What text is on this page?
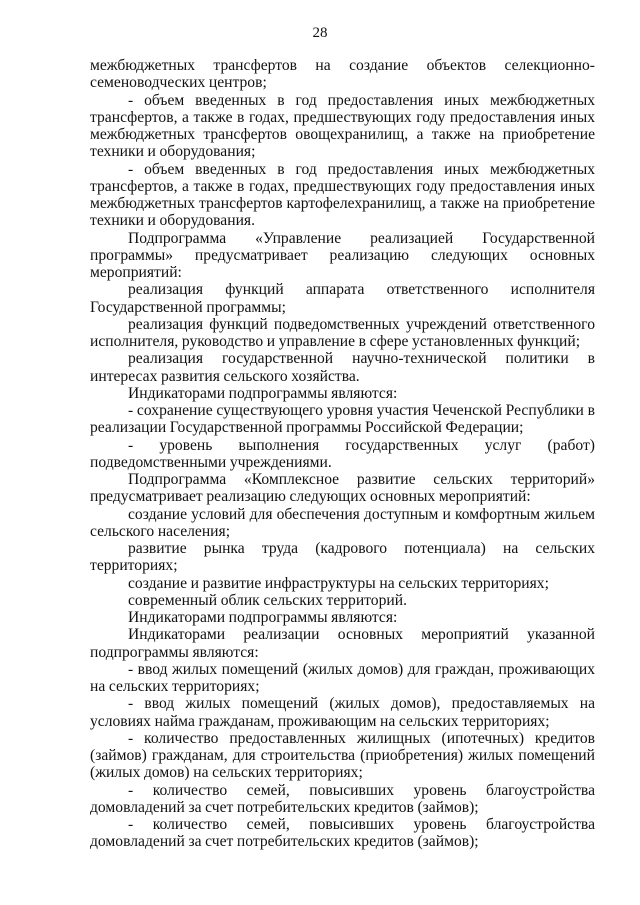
28

межбюджетных трансфертов на создание объектов селекционно-семеноводческих центров;

- объем введенных в год предоставления иных межбюджетных трансфертов, а также в годах, предшествующих году предоставления иных межбюджетных трансфертов овощехранилищ, а также на приобретение техники и оборудования;

- объем введенных в год предоставления иных межбюджетных трансфертов, а также в годах, предшествующих году предоставления иных межбюджетных трансфертов картофелехранилищ, а также на приобретение техники и оборудования.

Подпрограмма «Управление реализацией Государственной программы» предусматривает реализацию следующих основных мероприятий:

реализация функций аппарата ответственного исполнителя Государственной программы;

реализация функций подведомственных учреждений ответственного исполнителя, руководство и управление в сфере установленных функций;

реализация государственной научно-технической политики в интересах развития сельского хозяйства.

Индикаторами подпрограммы являются:

- сохранение существующего уровня участия Чеченской Республики в реализации Государственной программы Российской Федерации;

- уровень выполнения государственных услуг (работ) подведомственными учреждениями.

Подпрограмма «Комплексное развитие сельских территорий» предусматривает реализацию следующих основных мероприятий:

создание условий для обеспечения доступным и комфортным жильем сельского населения;

развитие рынка труда (кадрового потенциала) на сельских территориях;

создание и развитие инфраструктуры на сельских территориях;

современный облик сельских территорий.

Индикаторами подпрограммы являются:

Индикаторами реализации основных мероприятий указанной подпрограммы являются:

- ввод жилых помещений (жилых домов) для граждан, проживающих на сельских территориях;

- ввод жилых помещений (жилых домов), предоставляемых на условиях найма гражданам, проживающим на сельских территориях;

- количество предоставленных жилищных (ипотечных) кредитов (займов) гражданам, для строительства (приобретения) жилых помещений (жилых домов) на сельских территориях;

- количество семей, повысивших уровень благоустройства домовладений за счет потребительских кредитов (займов);

- количество семей, повысивших уровень благоустройства домовладений за счет потребительских кредитов (займов);
